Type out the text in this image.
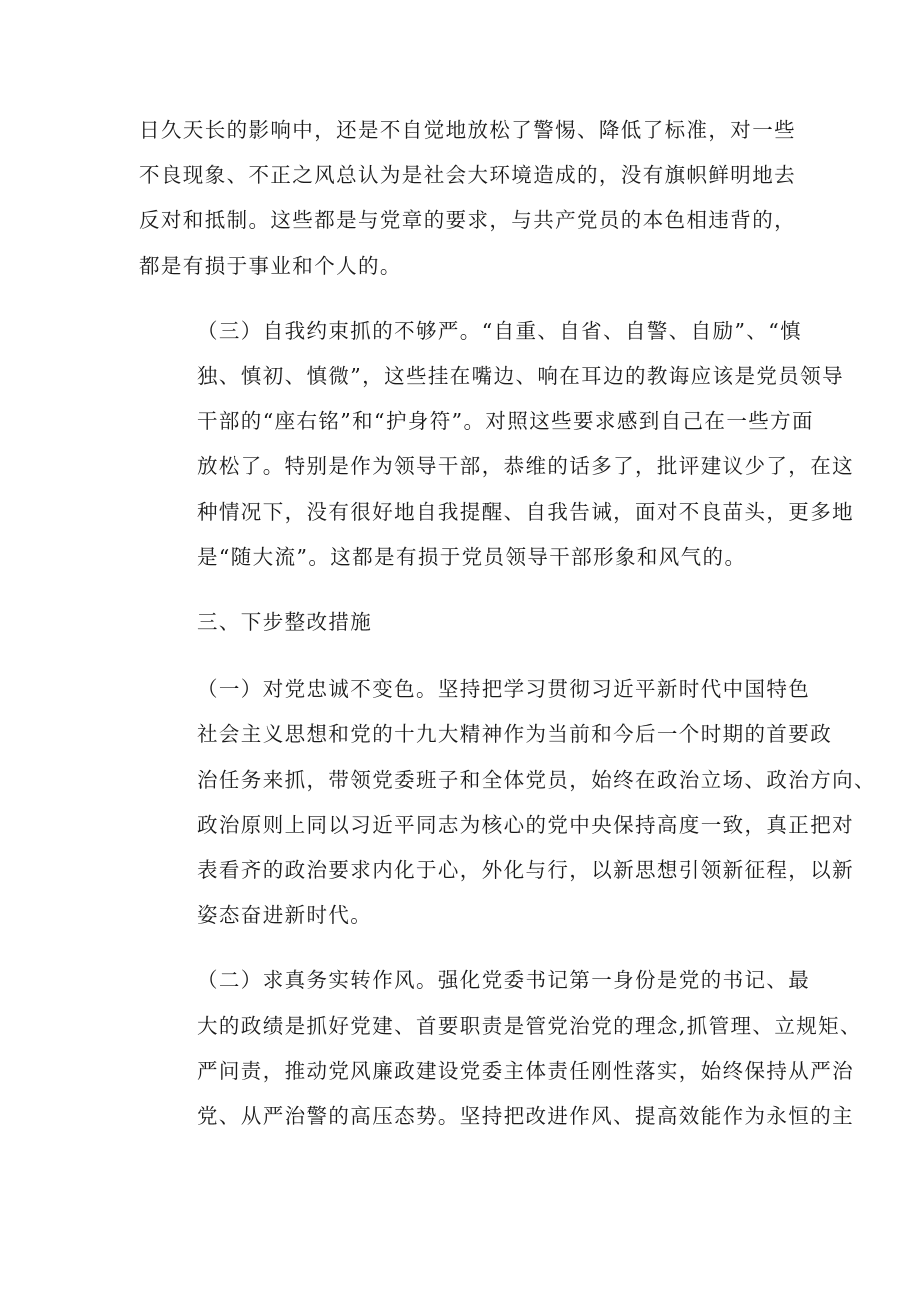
日久天长的影响中，还是不自觉地放松了警惕、降低了标准，对一些
不良现象、不正之风总认为是社会大环境造成的，没有旗帜鲜明地去
反对和抵制。这些都是与党章的要求，与共产党员的本色相违背的，
都是有损于事业和个人的。
（三）自我约束抓的不够严。“自重、自省、自警、自励”、“慎
独、慎初、慎微”，这些挂在嘴边、响在耳边的教诲应该是党员领导
干部的“座右铭”和“护身符”。对照这些要求感到自己在一些方面
放松了。特别是作为领导干部，恭维的话多了，批评建议少了，在这
种情况下，没有很好地自我提醒、自我告诫，面对不良苗头，更多地
是“随大流”。这都是有损于党员领导干部形象和风气的。
三、下步整改措施
（一）对党忠诚不变色。坚持把学习贯彻习近平新时代中国特色
社会主义思想和党的十九大精神作为当前和今后一个时期的首要政
治任务来抓，带领党委班子和全体党员，始终在政治立场、政治方向、
政治原则上同以习近平同志为核心的党中央保持高度一致，真正把对
表看齐的政治要求内化于心，外化与行，以新思想引领新征程，以新
姿态奋进新时代。
（二）求真务实转作风。强化党委书记第一身份是党的书记、最
大的政绩是抓好党建、首要职责是管党治党的理念,抓管理、立规矩、
严问责，推动党风廉政建设党委主体责任刚性落实，始终保持从严治
党、从严治警的高压态势。坚持把改进作风、提高效能作为永恒的主
